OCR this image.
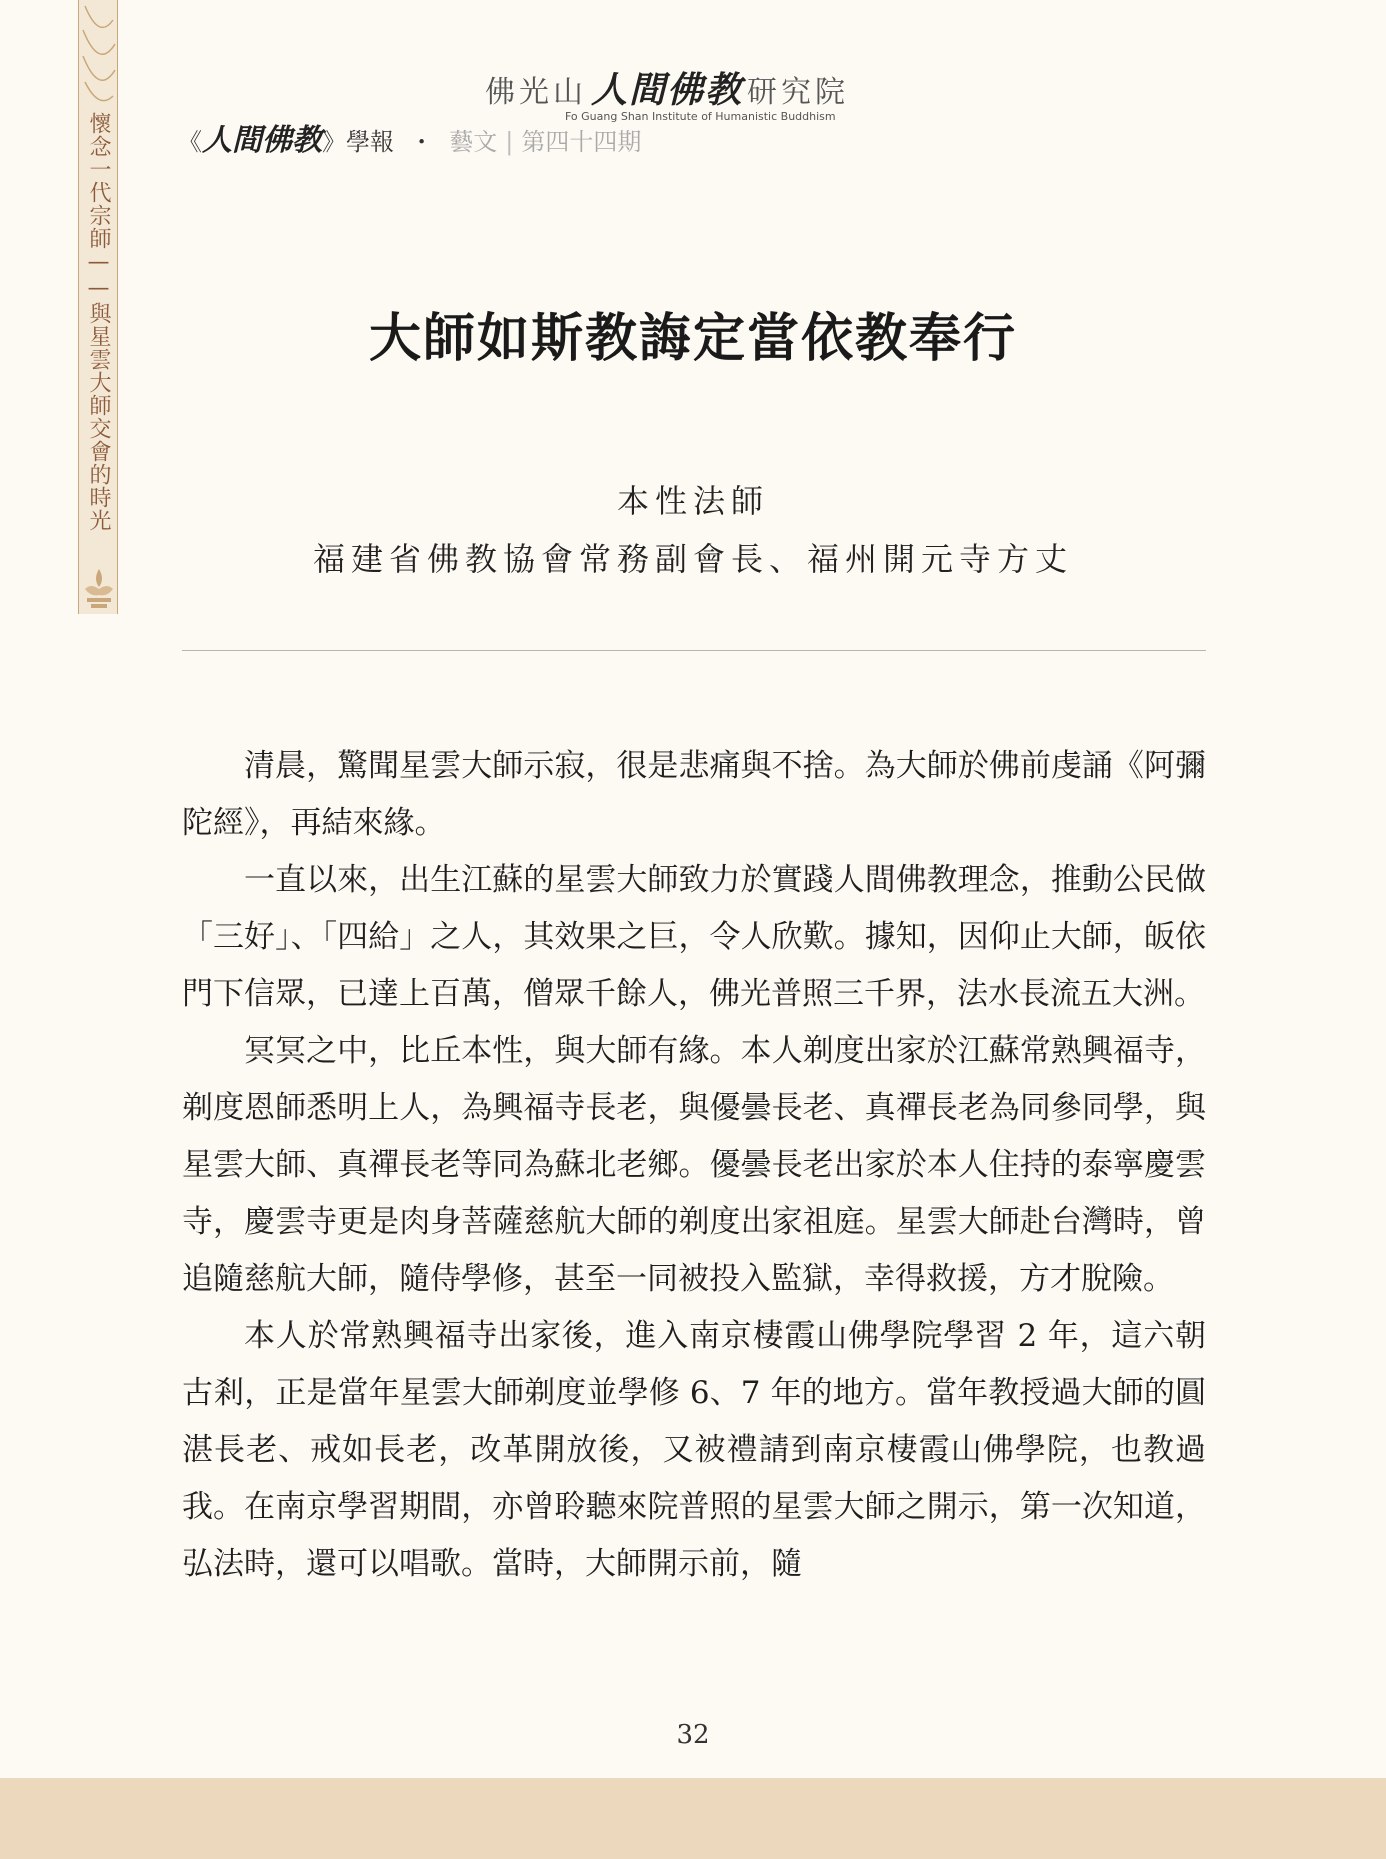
懷念一代宗師——與星雲大師交會的時光
佛光山 人間佛教 研究院
Fo Guang Shan Institute of Humanistic Buddhism
《人間佛教》學報 ・ 藝文 | 第四十四期
大師如斯教誨定當依教奉行
本性法師
福建省佛教協會常務副會長、福州開元寺方丈

清晨，驚聞星雲大師示寂，很是悲痛與不捨。為大師於佛前虔誦《阿彌陀經》，再結來緣。

一直以來，出生江蘇的星雲大師致力於實踐人間佛教理念，推動公民做「三好」、「四給」之人，其效果之巨，令人欣歎。據知，因仰止大師，皈依門下信眾，已達上百萬，僧眾千餘人，佛光普照三千界，法水長流五大洲。

冥冥之中，比丘本性，與大師有緣。本人剃度出家於江蘇常熟興福寺，剃度恩師悉明上人，為興福寺長老，與優曇長老、真禪長老為同參同學，與星雲大師、真禪長老等同為蘇北老鄉。優曇長老出家於本人住持的泰寧慶雲寺，慶雲寺更是肉身菩薩慈航大師的剃度出家祖庭。星雲大師赴台灣時，曾追隨慈航大師，隨侍學修，甚至一同被投入監獄，幸得救援，方才脫險。

本人於常熟興福寺出家後，進入南京棲霞山佛學院學習 2 年，這六朝古剎，正是當年星雲大師剃度並學修 6、7 年的地方。當年教授過大師的圓湛長老、戒如長老，改革開放後，又被禮請到南京棲霞山佛學院，也教過我。在南京學習期間，亦曾聆聽來院普照的星雲大師之開示，第一次知道，弘法時，還可以唱歌。當時，大師開示前，隨

32
